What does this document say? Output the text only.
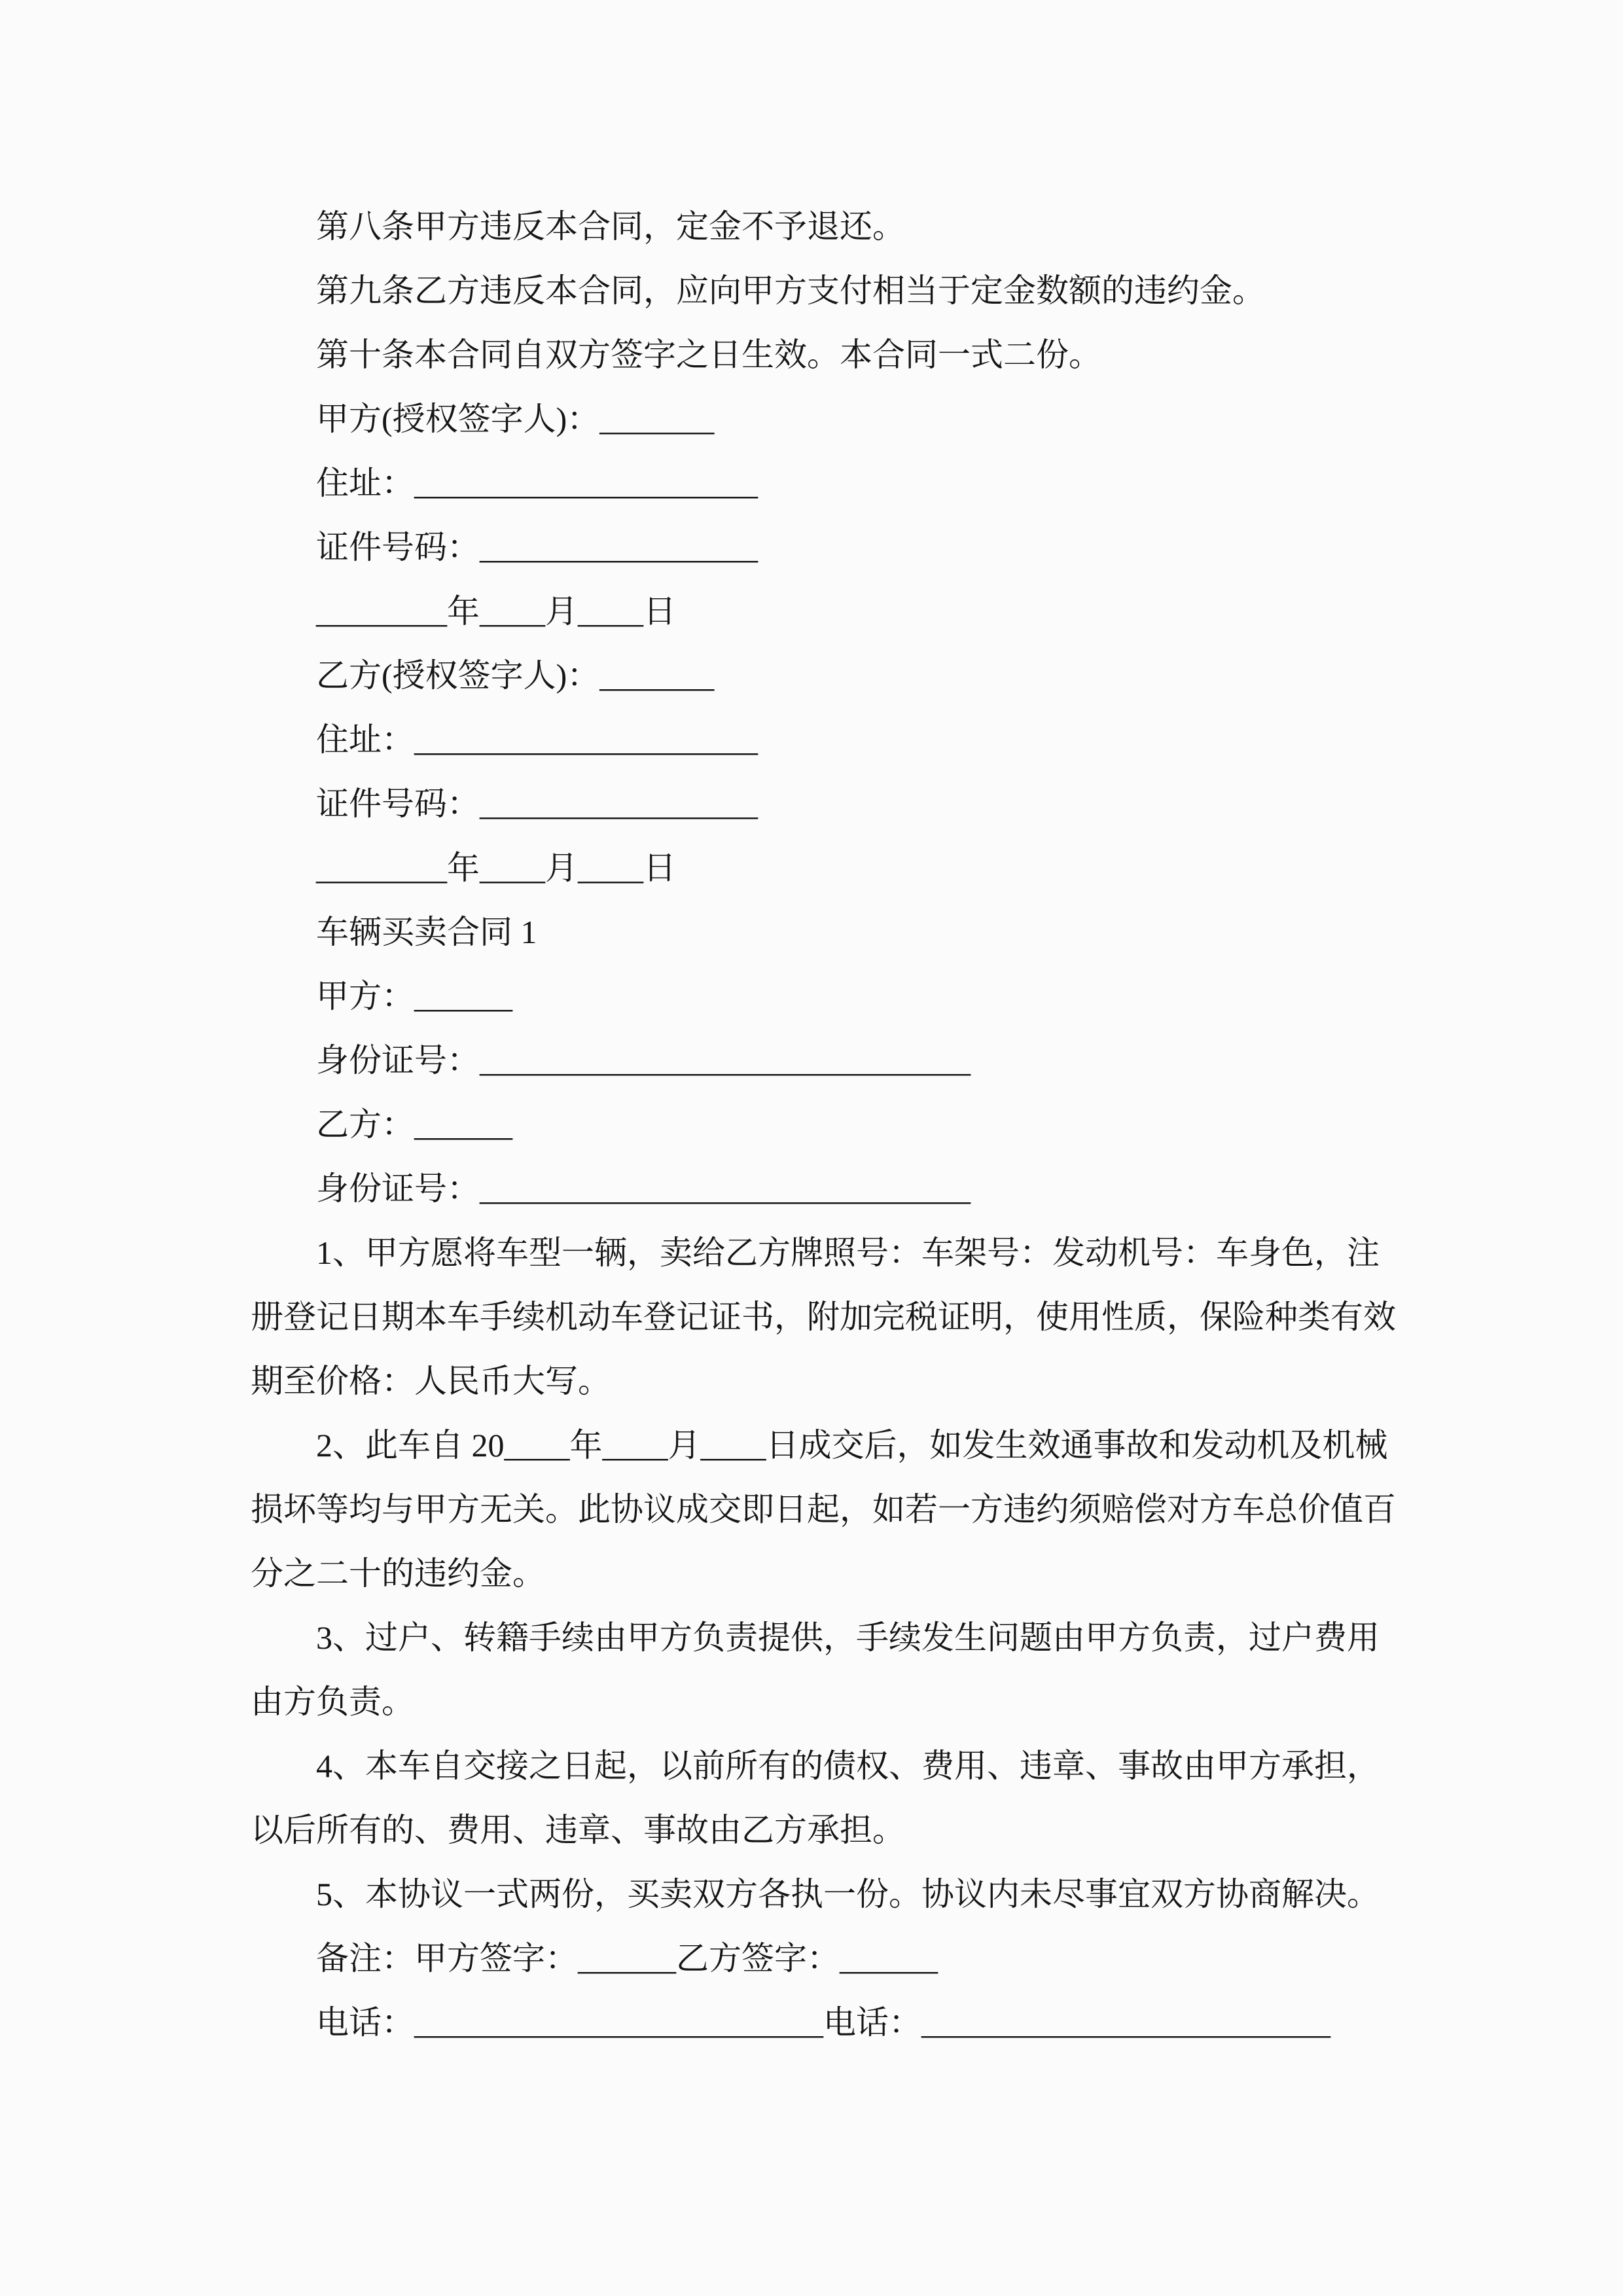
第八条甲方违反本合同，定金不予退还。
第九条乙方违反本合同，应向甲方支付相当于定金数额的违约金。
第十条本合同自双方签字之日生效。本合同一式二份。
甲方(授权签字人)：_______
住址：_____________________
证件号码：_________________
________年____月____日
乙方(授权签字人)：_______
住址：_____________________
证件号码：_________________
________年____月____日
车辆买卖合同 1
甲方：______
身份证号：______________________________
乙方：______
身份证号：______________________________
1、甲方愿将车型一辆，卖给乙方牌照号：车架号：发动机号：车身色，注
册登记日期本车手续机动车登记证书，附加完税证明，使用性质，保险种类有效
期至价格：人民币大写。
2、此车自 20____年____月____日成交后，如发生效通事故和发动机及机械
损坏等均与甲方无关。此协议成交即日起，如若一方违约须赔偿对方车总价值百
分之二十的违约金。
3、过户、转籍手续由甲方负责提供，手续发生问题由甲方负责，过户费用
由方负责。
4、本车自交接之日起，以前所有的债权、费用、违章、事故由甲方承担，
以后所有的、费用、违章、事故由乙方承担。
5、本协议一式两份，买卖双方各执一份。协议内未尽事宜双方协商解决。
备注：甲方签字：______乙方签字：______
电话：_________________________电话：_________________________
